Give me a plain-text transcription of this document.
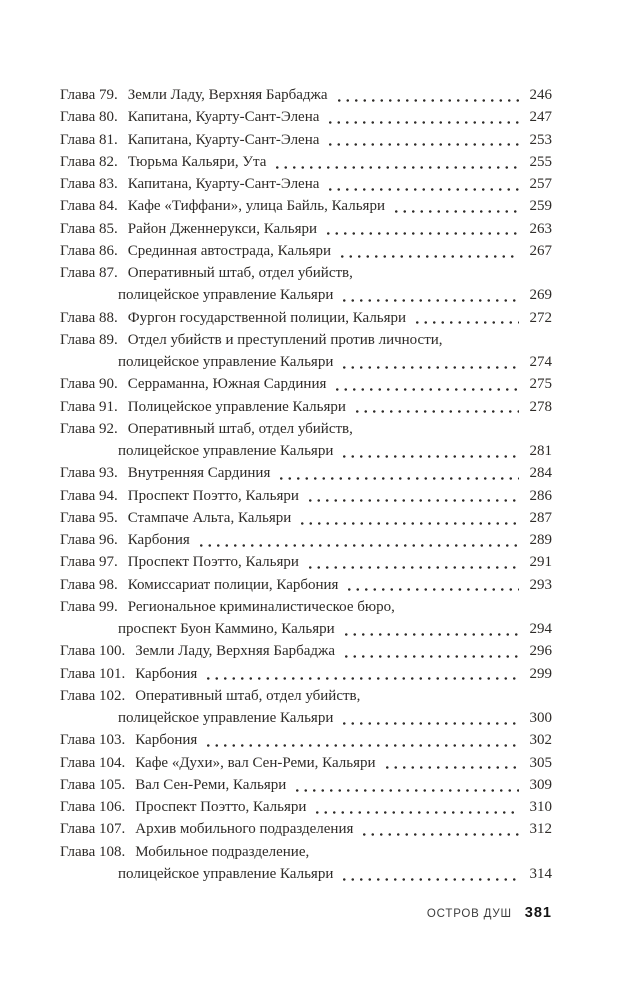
Глава 79. Земли Ладу, Верхняя Барбаджа	246
Глава 80. Капитана, Куарту-Сант-Элена	247
Глава 81. Капитана, Куарту-Сант-Элена	253
Глава 82. Тюрьма Кальяри, Ута	255
Глава 83. Капитана, Куарту-Сант-Элена	257
Глава 84. Кафе «Тиффани», улица Байль, Кальяри	259
Глава 85. Район Дженнерукси, Кальяри	263
Глава 86. Срединная автострада, Кальяри	267
Глава 87. Оперативный штаб, отдел убийств,
полицейское управление Кальяри	269
Глава 88. Фургон государственной полиции, Кальяри	272
Глава 89. Отдел убийств и преступлений против личности,
полицейское управление Кальяри	274
Глава 90. Серраманна, Южная Сардиния	275
Глава 91. Полицейское управление Кальяри	278
Глава 92. Оперативный штаб, отдел убийств,
полицейское управление Кальяри	281
Глава 93. Внутренняя Сардиния	284
Глава 94. Проспект Поэтто, Кальяри	286
Глава 95. Стампаче Альта, Кальяри	287
Глава 96. Карбония	289
Глава 97. Проспект Поэтто, Кальяри	291
Глава 98. Комиссариат полиции, Карбония	293
Глава 99. Региональное криминалистическое бюро,
проспект Буон Каммино, Кальяри	294
Глава 100. Земли Ладу, Верхняя Барбаджа	296
Глава 101. Карбония	299
Глава 102. Оперативный штаб, отдел убийств,
полицейское управление Кальяри	300
Глава 103. Карбония	302
Глава 104. Кафе «Духи», вал Сен-Реми, Кальяри	305
Глава 105. Вал Сен-Реми, Кальяри	309
Глава 106. Проспект Поэтто, Кальяри	310
Глава 107. Архив мобильного подразделения	312
Глава 108. Мобильное подразделение,
полицейское управление Кальяри	314
ОСТРОВ ДУШ 381
